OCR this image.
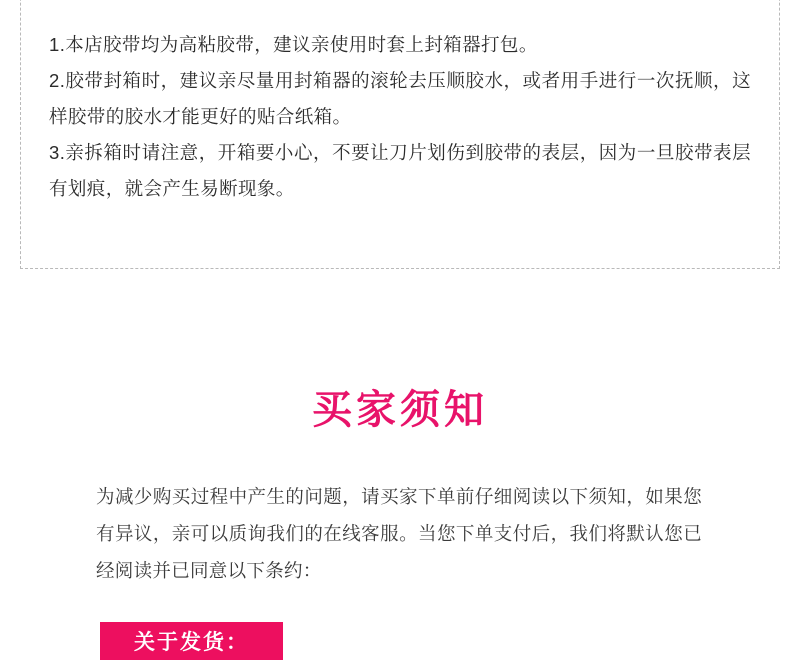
1.本店胶带均为高粘胶带，建议亲使用时套上封箱器打包。
2.胶带封箱时，建议亲尽量用封箱器的滚轮去压顺胶水，或者用手进行一次抚顺，这样胶带的胶水才能更好的贴合纸箱。
3.亲拆箱时请注意，开箱要小心，不要让刀片划伤到胶带的表层，因为一旦胶带表层有划痕，就会产生易断现象。
买家须知
为减少购买过程中产生的问题，请买家下单前仔细阅读以下须知，如果您有异议，亲可以质询我们的在线客服。当您下单支付后，我们将默认您已经阅读并已同意以下条约：
关于发货：
